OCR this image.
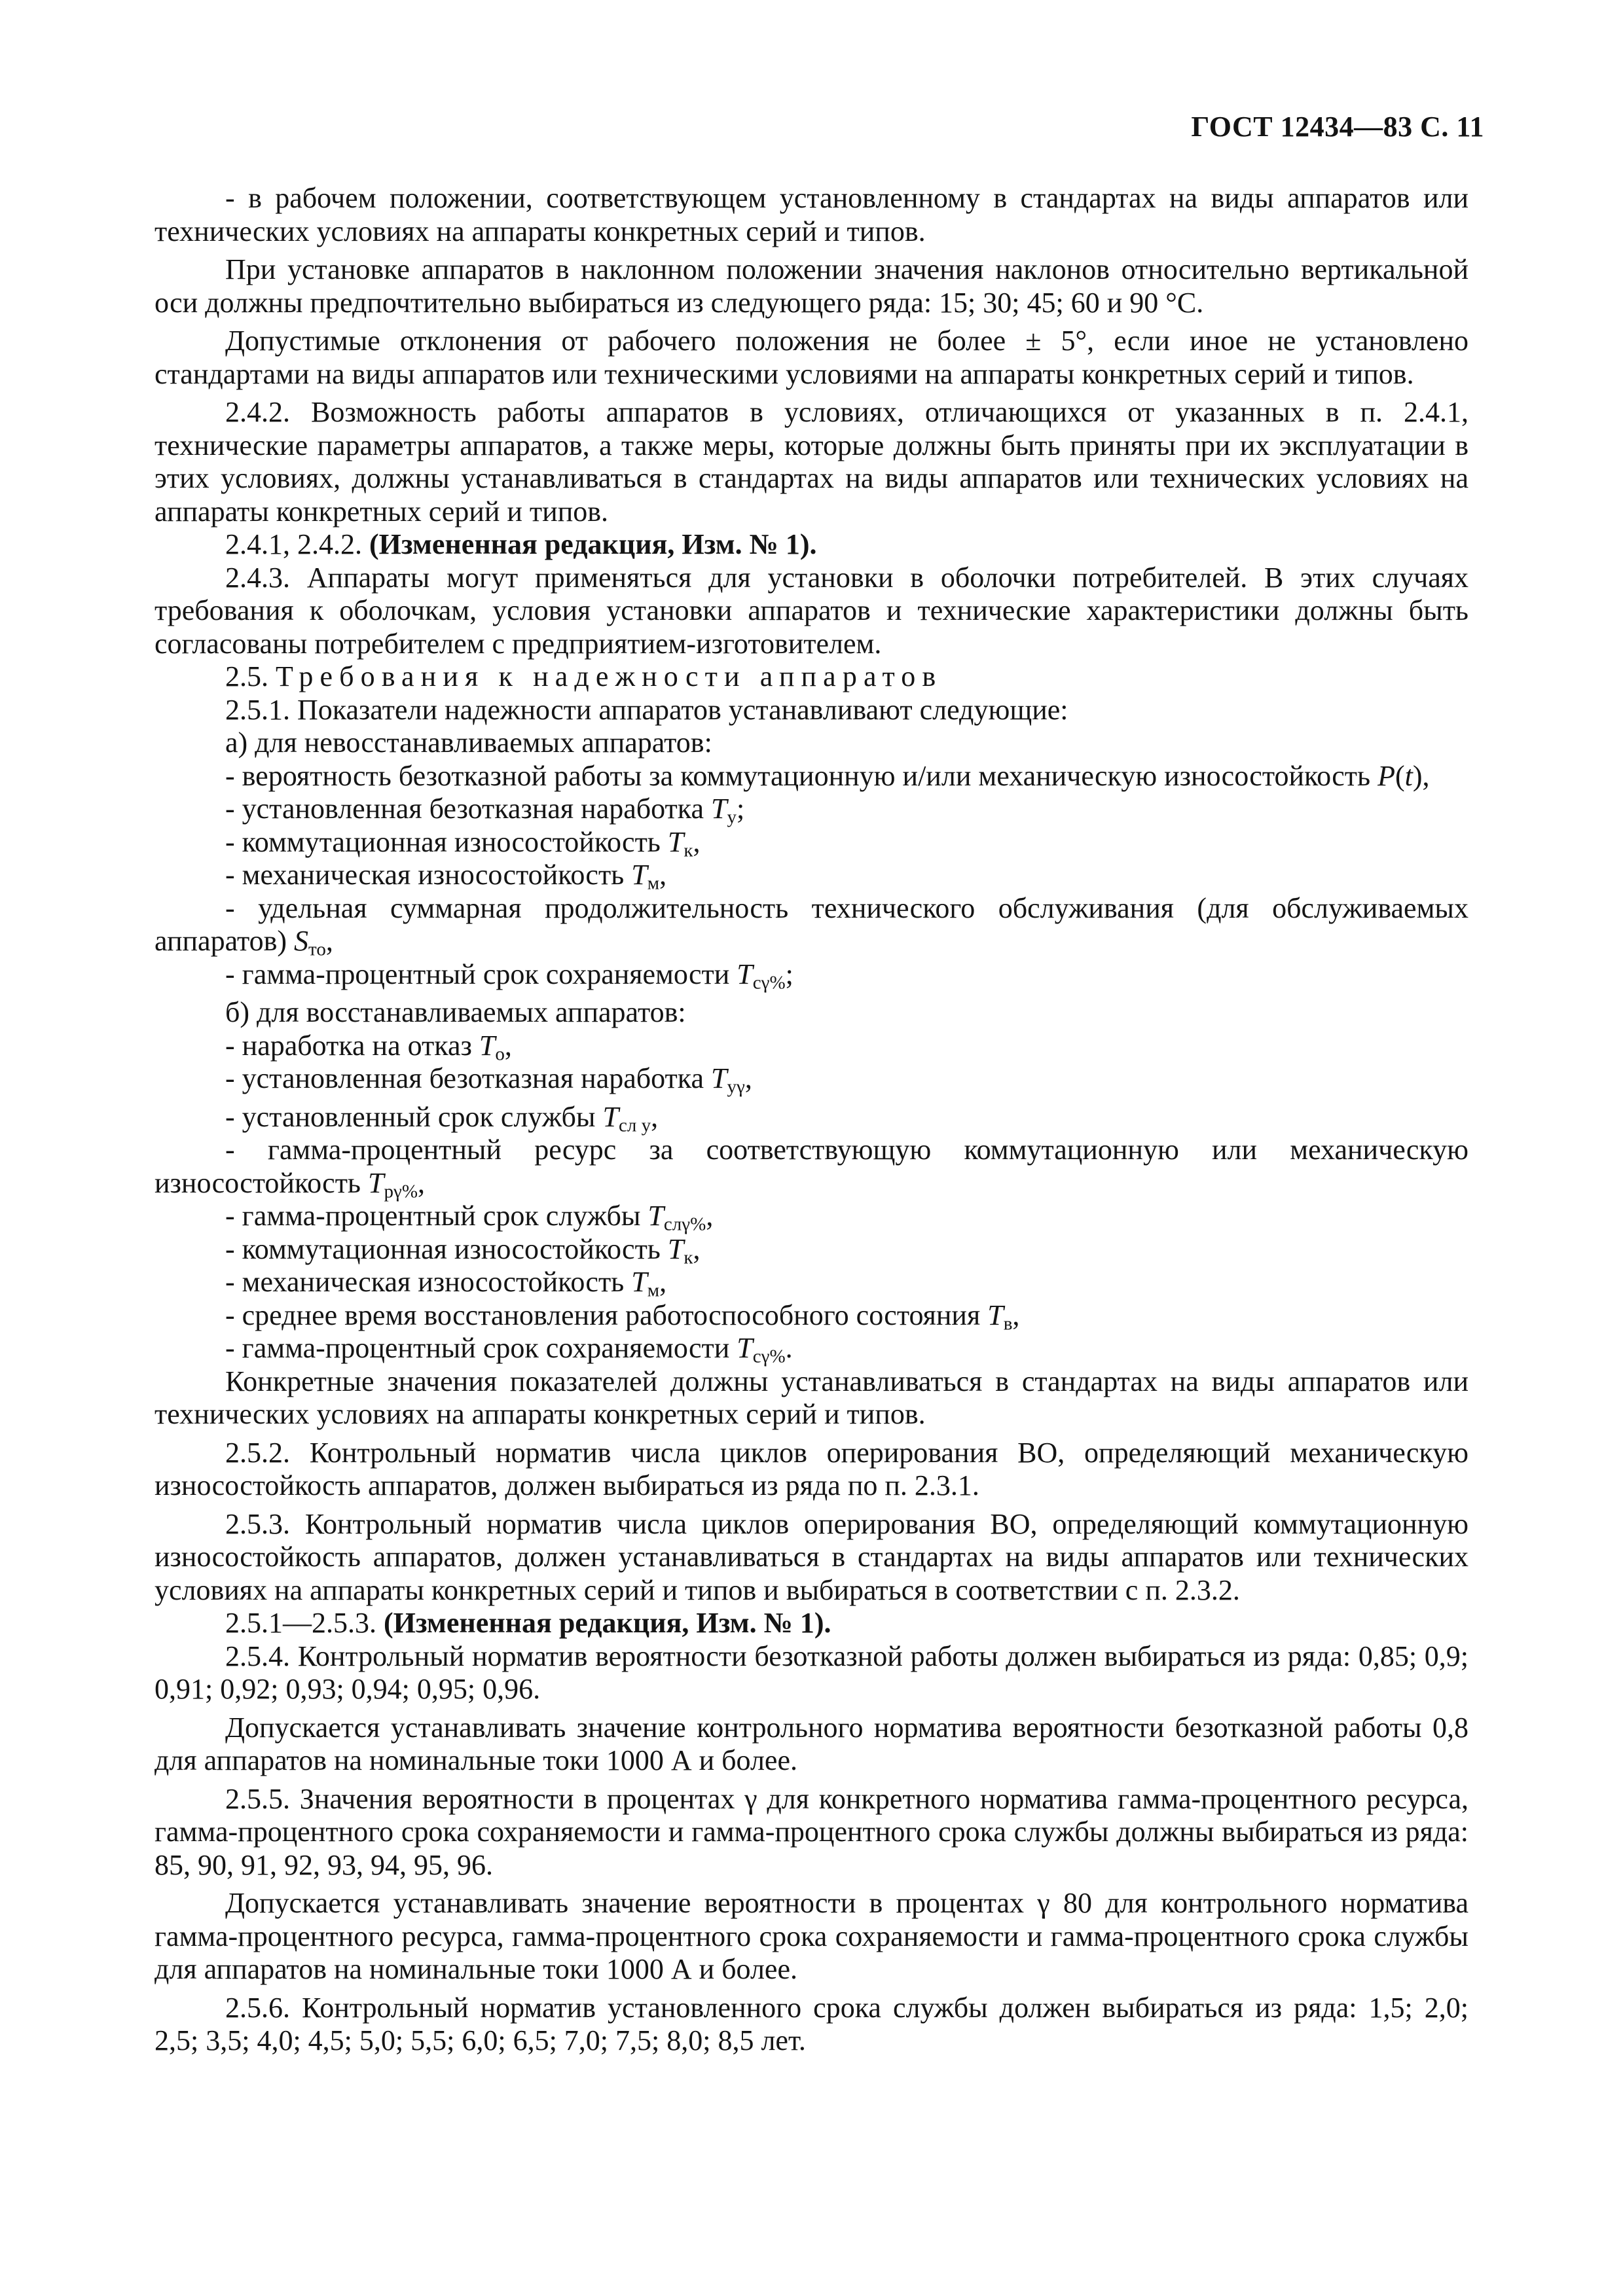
ГОСТ 12434—83 С. 11

- в рабочем положении, соответствующем установленному в стандартах на виды аппаратов или технических условиях на аппараты конкретных серий и типов.

При установке аппаратов в наклонном положении значения наклонов относительно вертикальной оси должны предпочтительно выбираться из следующего ряда: 15; 30; 45; 60 и 90 °С.

Допустимые отклонения от рабочего положения не более ± 5°, если иное не установлено стандартами на виды аппаратов или техническими условиями на аппараты конкретных серий и типов.

2.4.2. Возможность работы аппаратов в условиях, отличающихся от указанных в п. 2.4.1, технические параметры аппаратов, а также меры, которые должны быть приняты при их эксплуатации в этих условиях, должны устанавливаться в стандартах на виды аппаратов или технических условиях на аппараты конкретных серий и типов.

2.4.1, 2.4.2. (Измененная редакция, Изм. № 1).

2.4.3. Аппараты могут применяться для установки в оболочки потребителей. В этих случаях требования к оболочкам, условия установки аппаратов и технические характеристики должны быть согласованы потребителем с предприятием-изготовителем.

2.5. Требования к надежности аппаратов

2.5.1. Показатели надежности аппаратов устанавливают следующие:

а) для невосстанавливаемых аппаратов:

- вероятность безотказной работы за коммутационную и/или механическую износостойкость P(t),

- установленная безотказная наработка $T_у$;

- коммутационная износостойкость $T_к$,

- механическая износостойкость $T_м$,

- удельная суммарная продолжительность технического обслуживания (для обслуживаемых аппаратов) $S_{то}$,

- гамма-процентный срок сохраняемости $T_{с\gamma\%}$;

б) для восстанавливаемых аппаратов:

- наработка на отказ $T_о$,

- установленная безотказная наработка $T_{у\gamma}$,

- установленный срок службы $T_{сл у}$,

- гамма-процентный ресурс за соответствующую коммутационную или механическую износостойкость $T_{р\gamma\%}$,

- гамма-процентный срок службы $T_{сл\gamma\%}$,

- коммутационная износостойкость $T_к$,

- механическая износостойкость $T_м$,

- среднее время восстановления работоспособного состояния $T_в$,

- гамма-процентный срок сохраняемости $T_{с\gamma\%}$.

Конкретные значения показателей должны устанавливаться в стандартах на виды аппаратов или технических условиях на аппараты конкретных серий и типов.

2.5.2. Контрольный норматив числа циклов оперирования ВО, определяющий механическую износостойкость аппаратов, должен выбираться из ряда по п. 2.3.1.

2.5.3. Контрольный норматив числа циклов оперирования ВО, определяющий коммутационную износостойкость аппаратов, должен устанавливаться в стандартах на виды аппаратов или технических условиях на аппараты конкретных серий и типов и выбираться в соответствии с п. 2.3.2.

2.5.1—2.5.3. (Измененная редакция, Изм. № 1).

2.5.4. Контрольный норматив вероятности безотказной работы должен выбираться из ряда: 0,85; 0,9; 0,91; 0,92; 0,93; 0,94; 0,95; 0,96.

Допускается устанавливать значение контрольного норматива вероятности безотказной работы 0,8 для аппаратов на номинальные токи 1000 А и более.

2.5.5. Значения вероятности в процентах γ для конкретного норматива гамма-процентного ресурса, гамма-процентного срока сохраняемости и гамма-процентного срока службы должны выбираться из ряда: 85, 90, 91, 92, 93, 94, 95, 96.

Допускается устанавливать значение вероятности в процентах γ 80 для контрольного норматива гамма-процентного ресурса, гамма-процентного срока сохраняемости и гамма-процентного срока службы для аппаратов на номинальные токи 1000 А и более.

2.5.6. Контрольный норматив установленного срока службы должен выбираться из ряда: 1,5; 2,0; 2,5; 3,5; 4,0; 4,5; 5,0; 5,5; 6,0; 6,5; 7,0; 7,5; 8,0; 8,5 лет.
